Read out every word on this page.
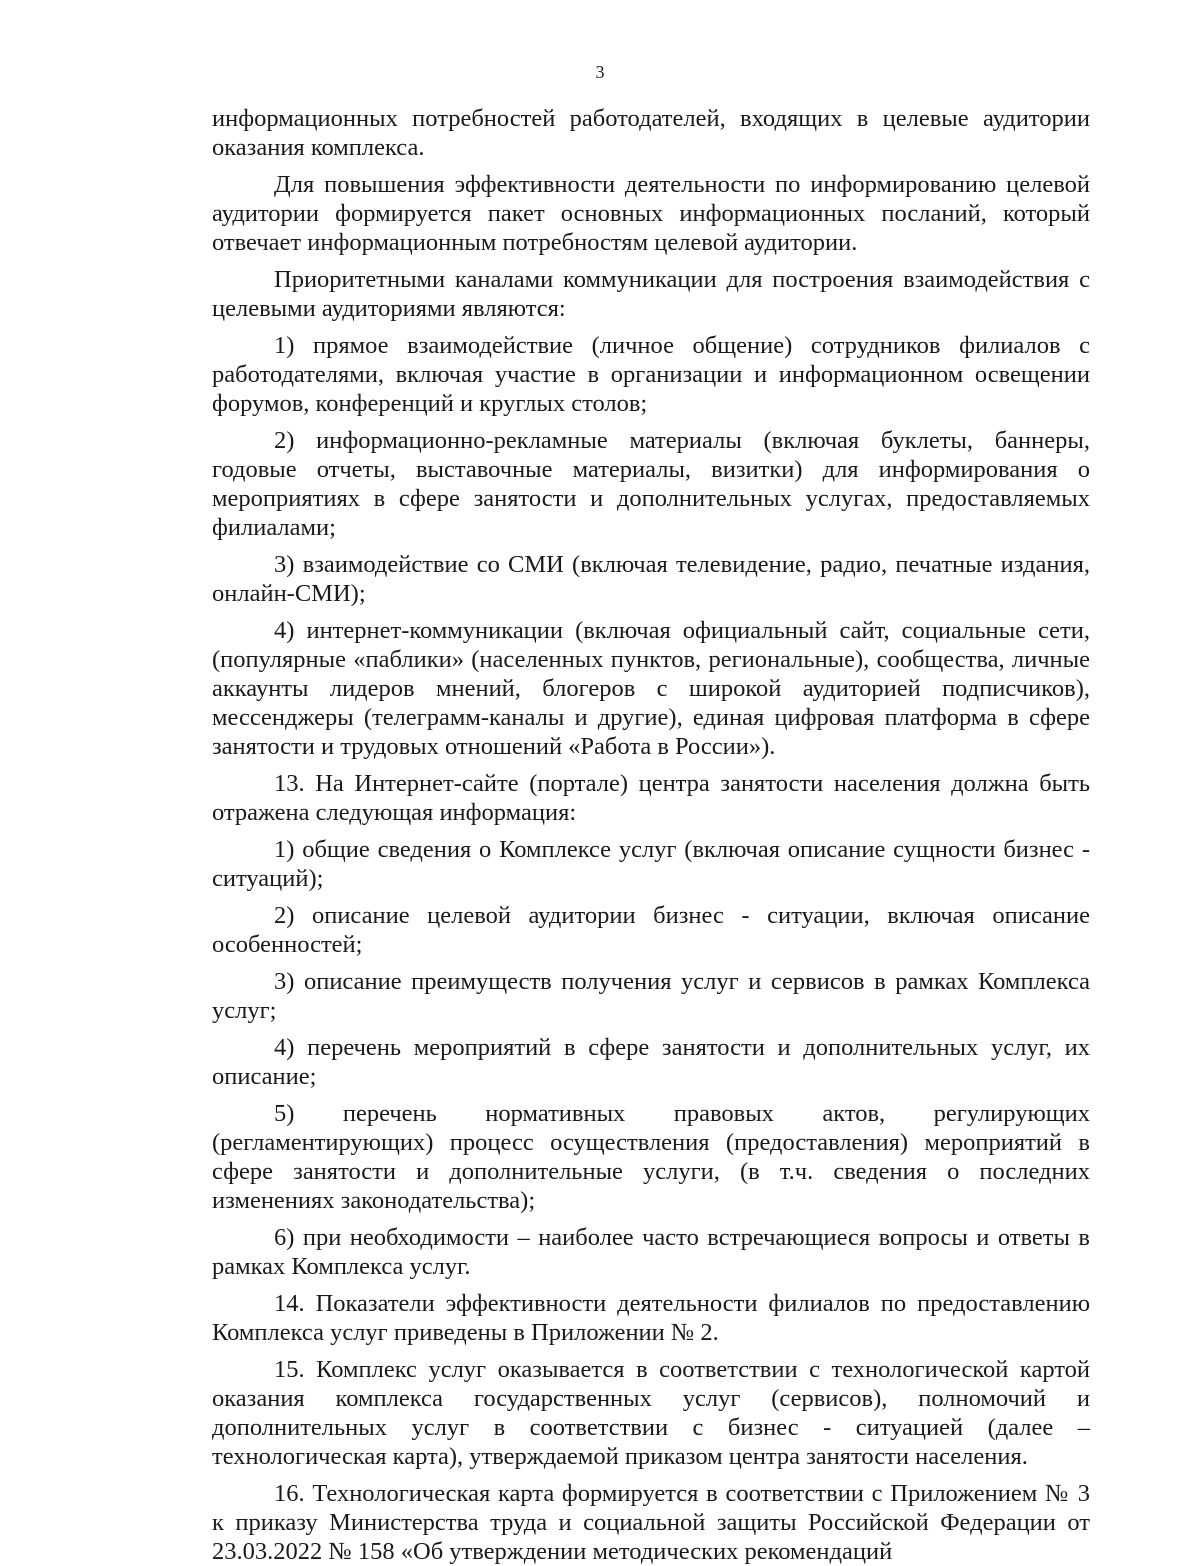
3

информационных потребностей работодателей, входящих в целевые аудитории оказания комплекса.

Для повышения эффективности деятельности по информированию целевой аудитории формируется пакет основных информационных посланий, который отвечает информационным потребностям целевой аудитории.

Приоритетными каналами коммуникации для построения взаимодействия с целевыми аудиториями являются:

1) прямое взаимодействие (личное общение) сотрудников филиалов с работодателями, включая участие в организации и информационном освещении форумов, конференций и круглых столов;

2) информационно-рекламные материалы (включая буклеты, баннеры, годовые отчеты, выставочные материалы, визитки) для информирования о мероприятиях в сфере занятости и дополнительных услугах, предоставляемых филиалами;

3) взаимодействие со СМИ (включая телевидение, радио, печатные издания, онлайн-СМИ);

4) интернет-коммуникации (включая официальный сайт, социальные сети, (популярные «паблики» (населенных пунктов, региональные), сообщества, личные аккаунты лидеров мнений, блогеров с широкой аудиторией подписчиков), мессенджеры (телеграмм-каналы и другие), единая цифровая платформа в сфере занятости и трудовых отношений «Работа в России»).

13. На Интернет-сайте (портале) центра занятости населения должна быть отражена следующая информация:

1) общие сведения о Комплексе услуг (включая описание сущности бизнес - ситуаций);

2) описание целевой аудитории бизнес - ситуации, включая описание особенностей;

3) описание преимуществ получения услуг и сервисов в рамках Комплекса услуг;

4) перечень мероприятий в сфере занятости и дополнительных услуг, их описание;

5) перечень нормативных правовых актов, регулирующих (регламентирующих) процесс осуществления (предоставления) мероприятий в сфере занятости и дополнительные услуги, (в т.ч. сведения о последних изменениях законодательства);

6) при необходимости – наиболее часто встречающиеся вопросы и ответы в рамках Комплекса услуг.

14. Показатели эффективности деятельности филиалов по предоставлению Комплекса услуг приведены в Приложении № 2.

15. Комплекс услуг оказывается в соответствии с технологической картой оказания комплекса государственных услуг (сервисов), полномочий и дополнительных услуг в соответствии с бизнес - ситуацией (далее – технологическая карта), утверждаемой приказом центра занятости населения.

16. Технологическая карта формируется в соответствии с Приложением № 3 к приказу Министерства труда и социальной защиты Российской Федерации от 23.03.2022 № 158 «Об утверждении методических рекомендаций
